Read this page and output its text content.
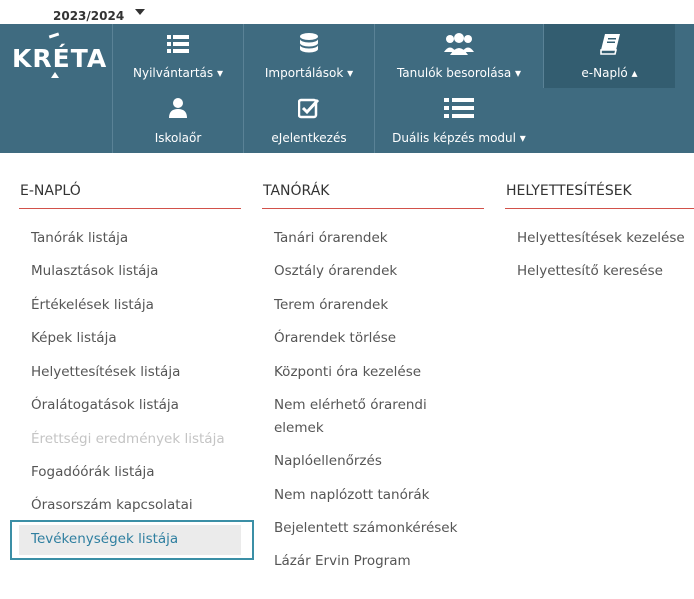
2023/2024
Nyilvántartás ▾	Importálások ▾	Tanulók besorolása ▾	e-Napló ▴
Iskolaőr	eJelentkezés	Duális képzés modul ▾
KRÉTA
E-NAPLÓ
Tanórák listája
Mulasztások listája
Értékelések listája
Képek listája
Helyettesítések listája
Óralátogatások listája
Érettségi eredmények listája
Fogadóórák listája
Órasorszám kapcsolatai
Tevékenységek listája
TANÓRÁK
Tanári órarendek
Osztály órarendek
Terem órarendek
Órarendek törlése
Központi óra kezelése
Nem elérhető órarendi
elemek
Naplóellenőrzés
Nem naplózott tanórák
Bejelentett számonkérések
Lázár Ervin Program
HELYETTESÍTÉSEK
Helyettesítések kezelése
Helyettesítő keresése
